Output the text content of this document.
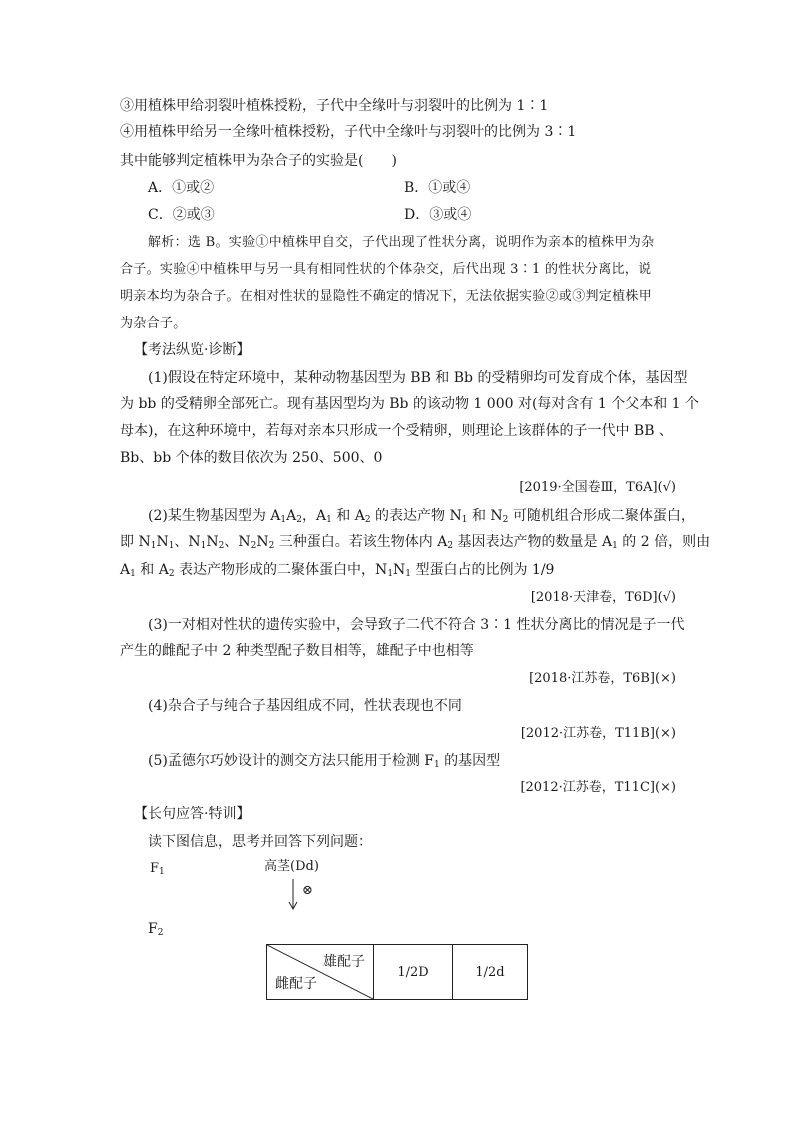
③用植株甲给羽裂叶植株授粉，子代中全缘叶与羽裂叶的比例为 1∶1
④用植株甲给另一全缘叶植株授粉，子代中全缘叶与羽裂叶的比例为 3∶1
其中能够判定植株甲为杂合子的实验是(　　)
A．①或②	B．①或④
C．②或③	D．③或④
解析：选 B。实验①中植株甲自交，子代出现了性状分离，说明作为亲本的植株甲为杂
合子。实验④中植株甲与另一具有相同性状的个体杂交，后代出现 3∶1 的性状分离比，说
明亲本均为杂合子。在相对性状的显隐性不确定的情况下，无法依据实验②或③判定植株甲
为杂合子。
【考法纵览·诊断】
(1)假设在特定环境中，某种动物基因型为 BB 和 Bb 的受精卵均可发育成个体，基因型
为 bb 的受精卵全部死亡。现有基因型均为 Bb 的该动物 1 000 对(每对含有 1 个父本和 1 个
母本)，在这种环境中，若每对亲本只形成一个受精卵，则理论上该群体的子一代中 BB 、
Bb、bb 个体的数目依次为 250、500、0
[2019·全国卷Ⅲ，T6A](√)
(2)某生物基因型为 $A_1A_2$，$A_1$ 和 $A_2$ 的表达产物 $N_1$ 和 $N_2$ 可随机组合形成二聚体蛋白，
即 $N_1N_1$、$N_1N_2$、$N_2N_2$ 三种蛋白。若该生物体内 $A_2$ 基因表达产物的数量是 $A_1$ 的 2 倍，则由
$A_1$ 和 $A_2$ 表达产物形成的二聚体蛋白中，$N_1N_1$ 型蛋白占的比例为 1/9
[2018·天津卷，T6D](√)
(3)一对相对性状的遗传实验中，会导致子二代不符合 3∶1 性状分离比的情况是子一代
产生的雌配子中 2 种类型配子数目相等，雄配子中也相等
[2018·江苏卷，T6B](×)
(4)杂合子与纯合子基因组成不同，性状表现也不同
[2012·江苏卷，T11B](×)
(5)孟德尔巧妙设计的测交方法只能用于检测 $F_1$ 的基因型
[2012·江苏卷，T11C](×)
【长句应答·特训】
读下图信息，思考并回答下列问题：
$F_1$	高茎(Dd)
⊗
$F_2$
雄配子
雌配子
	1/2D	1/2d
